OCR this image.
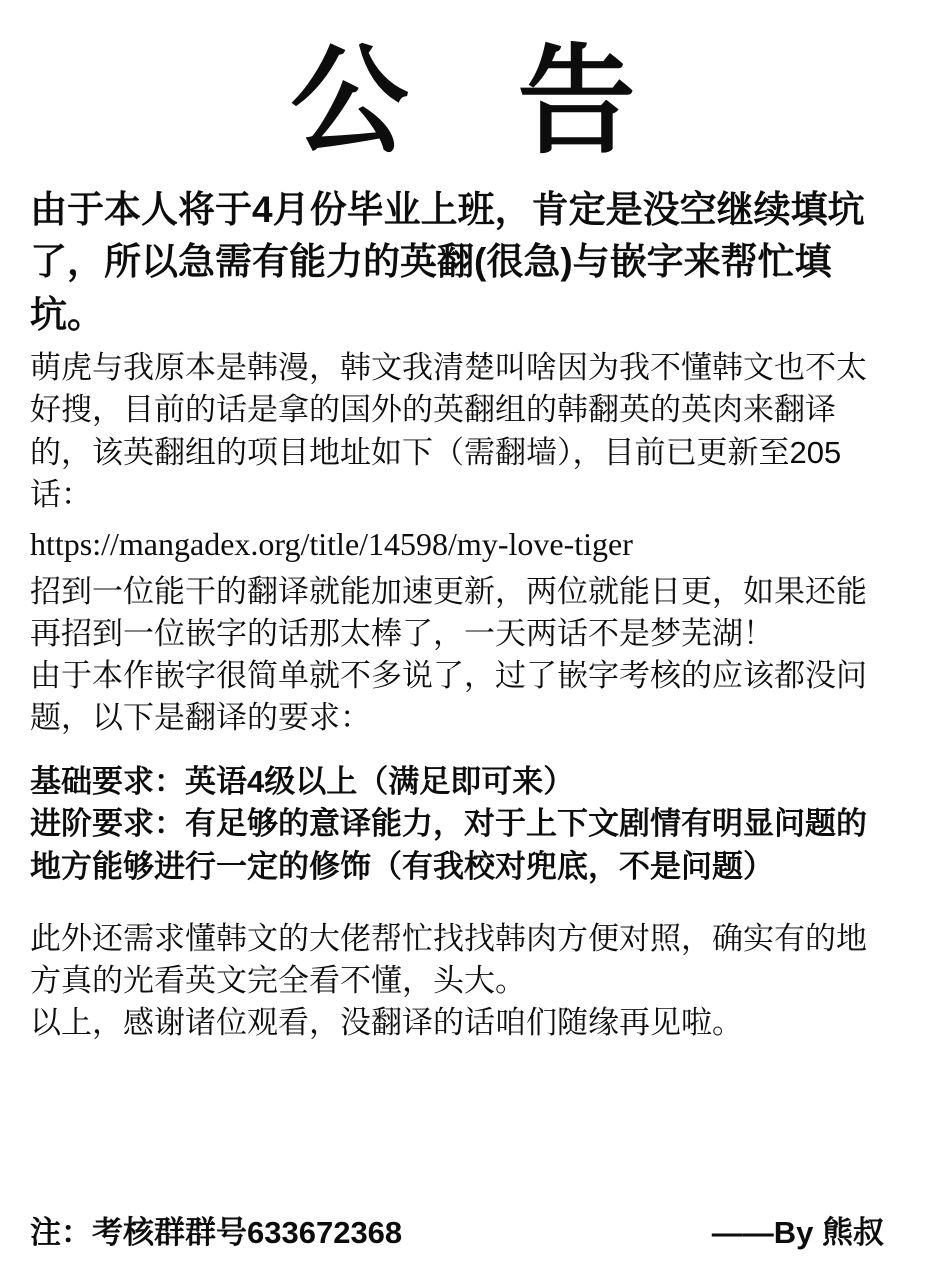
公 告

由于本人将于4月份毕业上班，肯定是没空继续填坑了，所以急需有能力的英翻(很急)与嵌字来帮忙填坑。

萌虎与我原本是韩漫，韩文我清楚叫啥因为我不懂韩文也不太好搜，目前的话是拿的国外的英翻组的韩翻英的英肉来翻译的，该英翻组的项目地址如下（需翻墙），目前已更新至205话：

https://mangadex.org/title/14598/my-love-tiger

招到一位能干的翻译就能加速更新，两位就能日更，如果还能再招到一位嵌字的话那太棒了，一天两话不是梦芜湖！

由于本作嵌字很简单就不多说了，过了嵌字考核的应该都没问题，以下是翻译的要求：

基础要求：英语4级以上（满足即可来）

进阶要求：有足够的意译能力，对于上下文剧情有明显问题的地方能够进行一定的修饰（有我校对兜底，不是问题）

此外还需求懂韩文的大佬帮忙找找韩肉方便对照，确实有的地方真的光看英文完全看不懂，头大。

以上，感谢诸位观看，没翻译的话咱们随缘再见啦。

注：考核群群号633672368	——By 熊叔
